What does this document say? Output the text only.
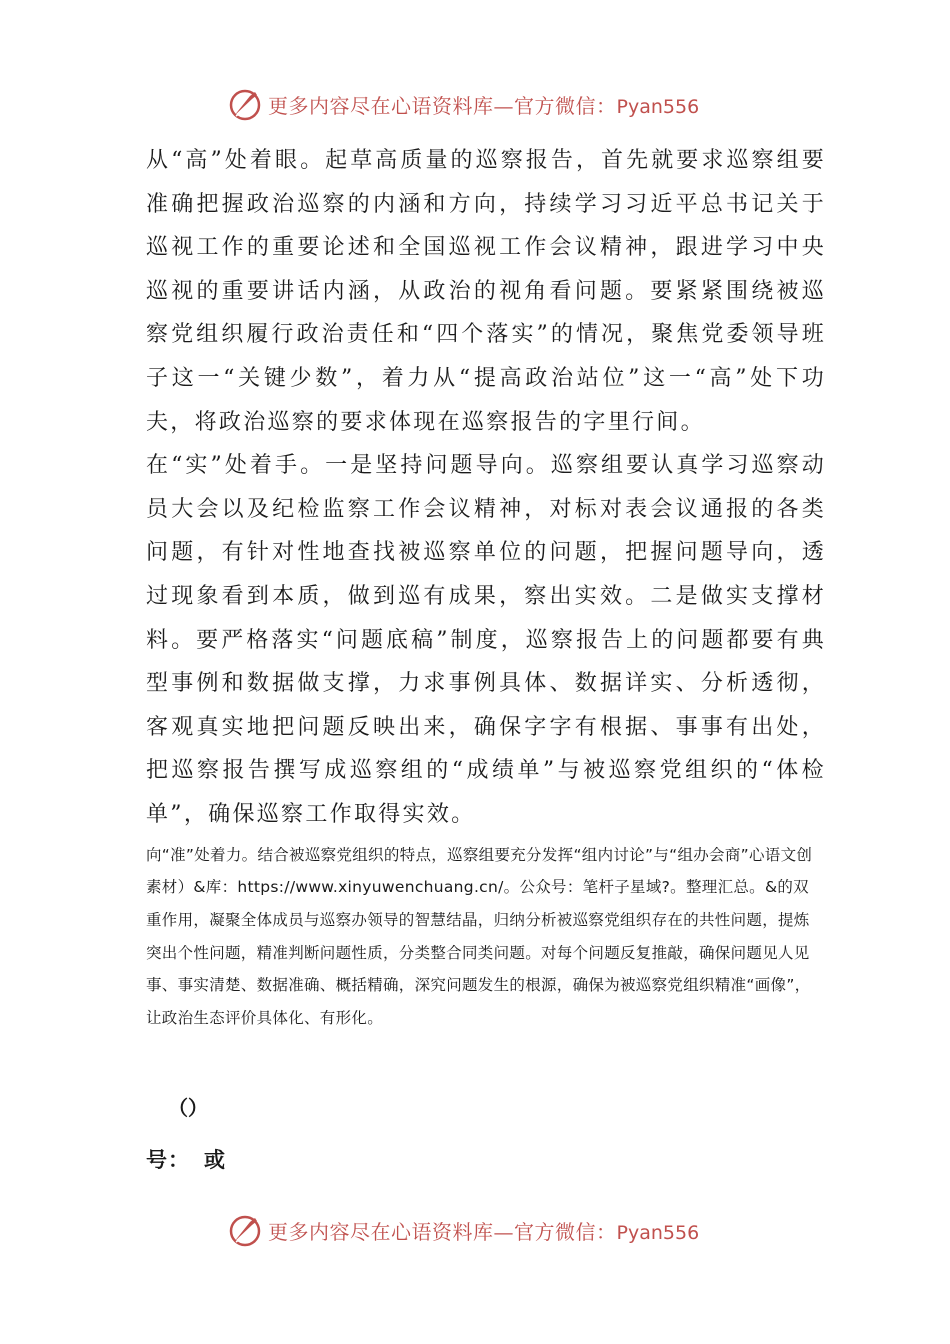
更多内容尽在心语资料库—官方微信：Pyan556

从“高”处着眼。起草高质量的巡察报告，首先就要求巡察组要准确把握政治巡察的内涵和方向，持续学习习近平总书记关于巡视工作的重要论述和全国巡视工作会议精神，跟进学习中央巡视的重要讲话内涵，从政治的视角看问题。要紧紧围绕被巡察党组织履行政治责任和“四个落实”的情况，聚焦党委领导班子这一“关键少数”，着力从“提高政治站位”这一“高”处下功夫，将政治巡察的要求体现在巡察报告的字里行间。

在“实”处着手。一是坚持问题导向。巡察组要认真学习巡察动员大会以及纪检监察工作会议精神，对标对表会议通报的各类问题，有针对性地查找被巡察单位的问题，把握问题导向，透过现象看到本质，做到巡有成果，察出实效。二是做实支撑材料。要严格落实“问题底稿”制度，巡察报告上的问题都要有典型事例和数据做支撑，力求事例具体、数据详实、分析透彻，客观真实地把问题反映出来，确保字字有根据、事事有出处，把巡察报告撰写成巡察组的“成绩单”与被巡察党组织的“体检单”，确保巡察工作取得实效。

向“准”处着力。结合被巡察党组织的特点，巡察组要充分发挥“组内讨论”与“组办会商”心语文创素材）&库：https://www.xinyuwenchuang.cn/。公众号：笔杆子星域?。整理汇总。&的双重作用，凝聚全体成员与巡察办领导的智慧结晶，归纳分析被巡察党组织存在的共性问题，提炼突出个性问题，精准判断问题性质，分类整合同类问题。对每个问题反复推敲，确保问题见人见事、事实清楚、数据准确、概括精确，深究问题发生的根源，确保为被巡察党组织精准“画像”，让政治生态评价具体化、有形化。

（）
号： 或
更多内容尽在心语资料库—官方微信：Pyan556
